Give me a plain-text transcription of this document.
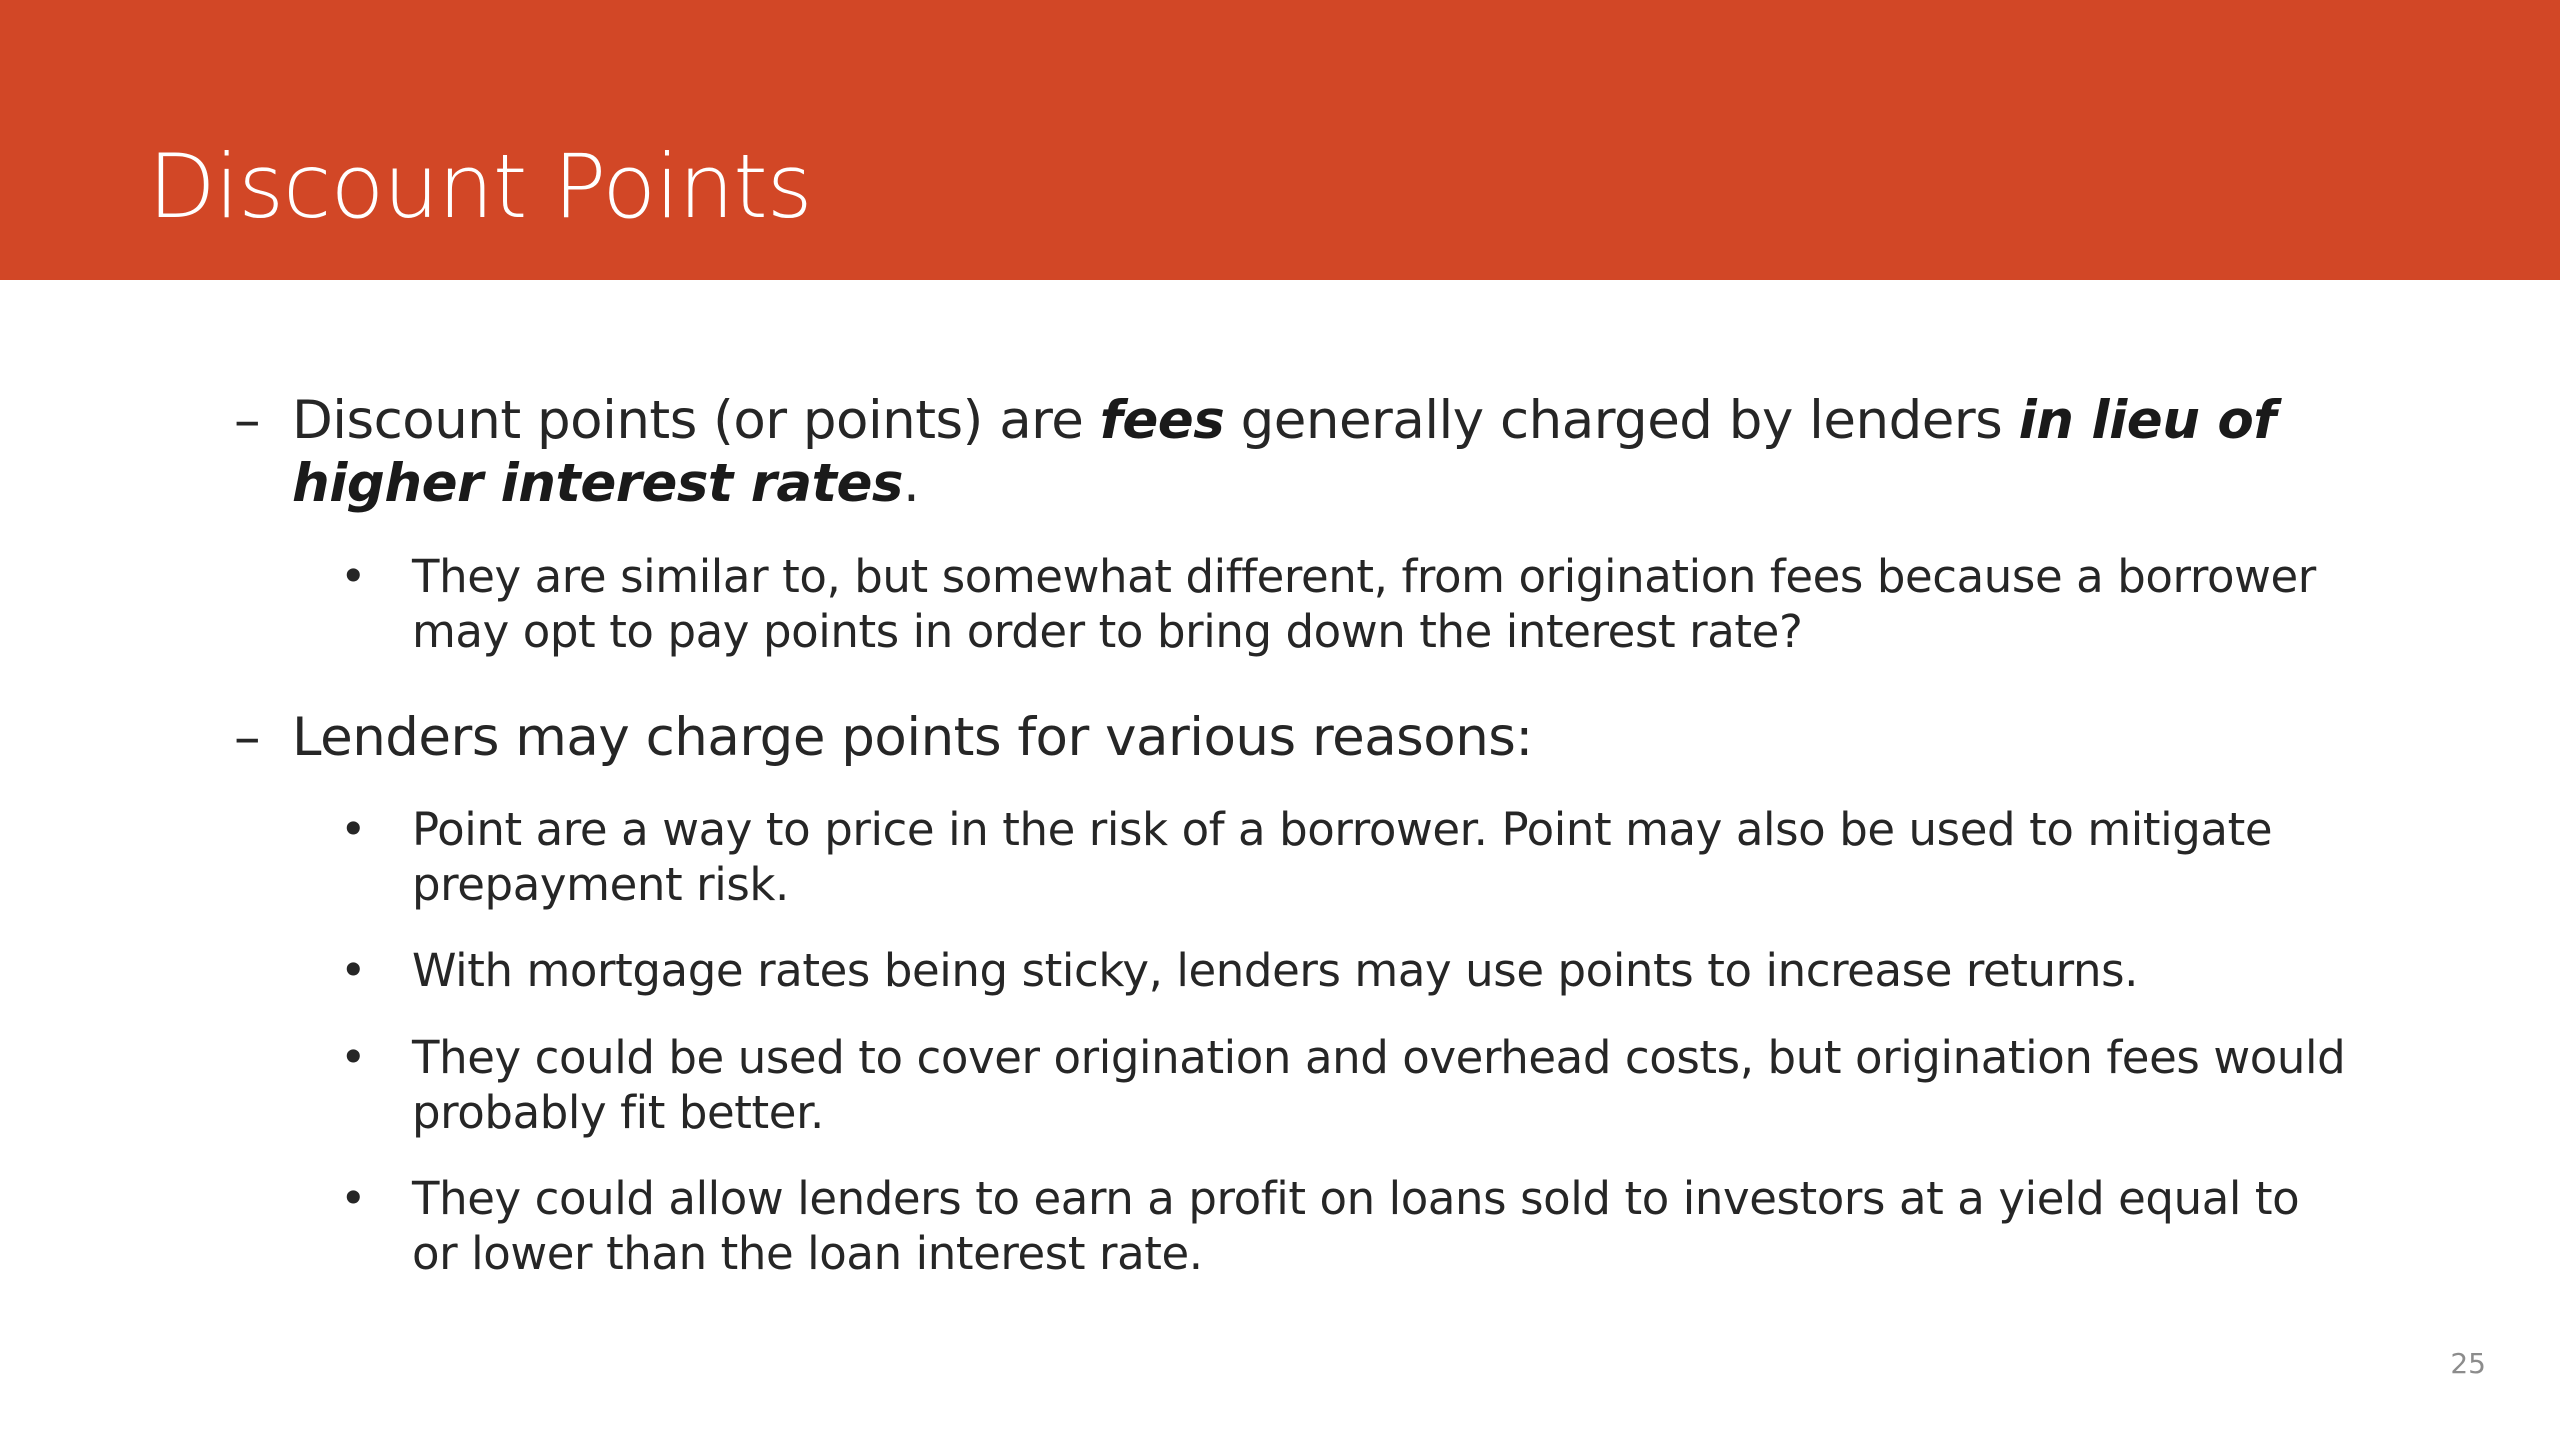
Discount Points
– Discount points (or points) are fees generally charged by lenders in lieu of
higher interest rates.
• They are similar to, but somewhat different, from origination fees because a borrower may opt to pay points in order to bring down the interest rate?
– Lenders may charge points for various reasons:
• Point are a way to price in the risk of a borrower. Point may also be used to mitigate prepayment risk.
• With mortgage rates being sticky, lenders may use points to increase returns.
• They could be used to cover origination and overhead costs, but origination fees would probably fit better.
• They could allow lenders to earn a profit on loans sold to investors at a yield equal to or lower than the loan interest rate.
25
